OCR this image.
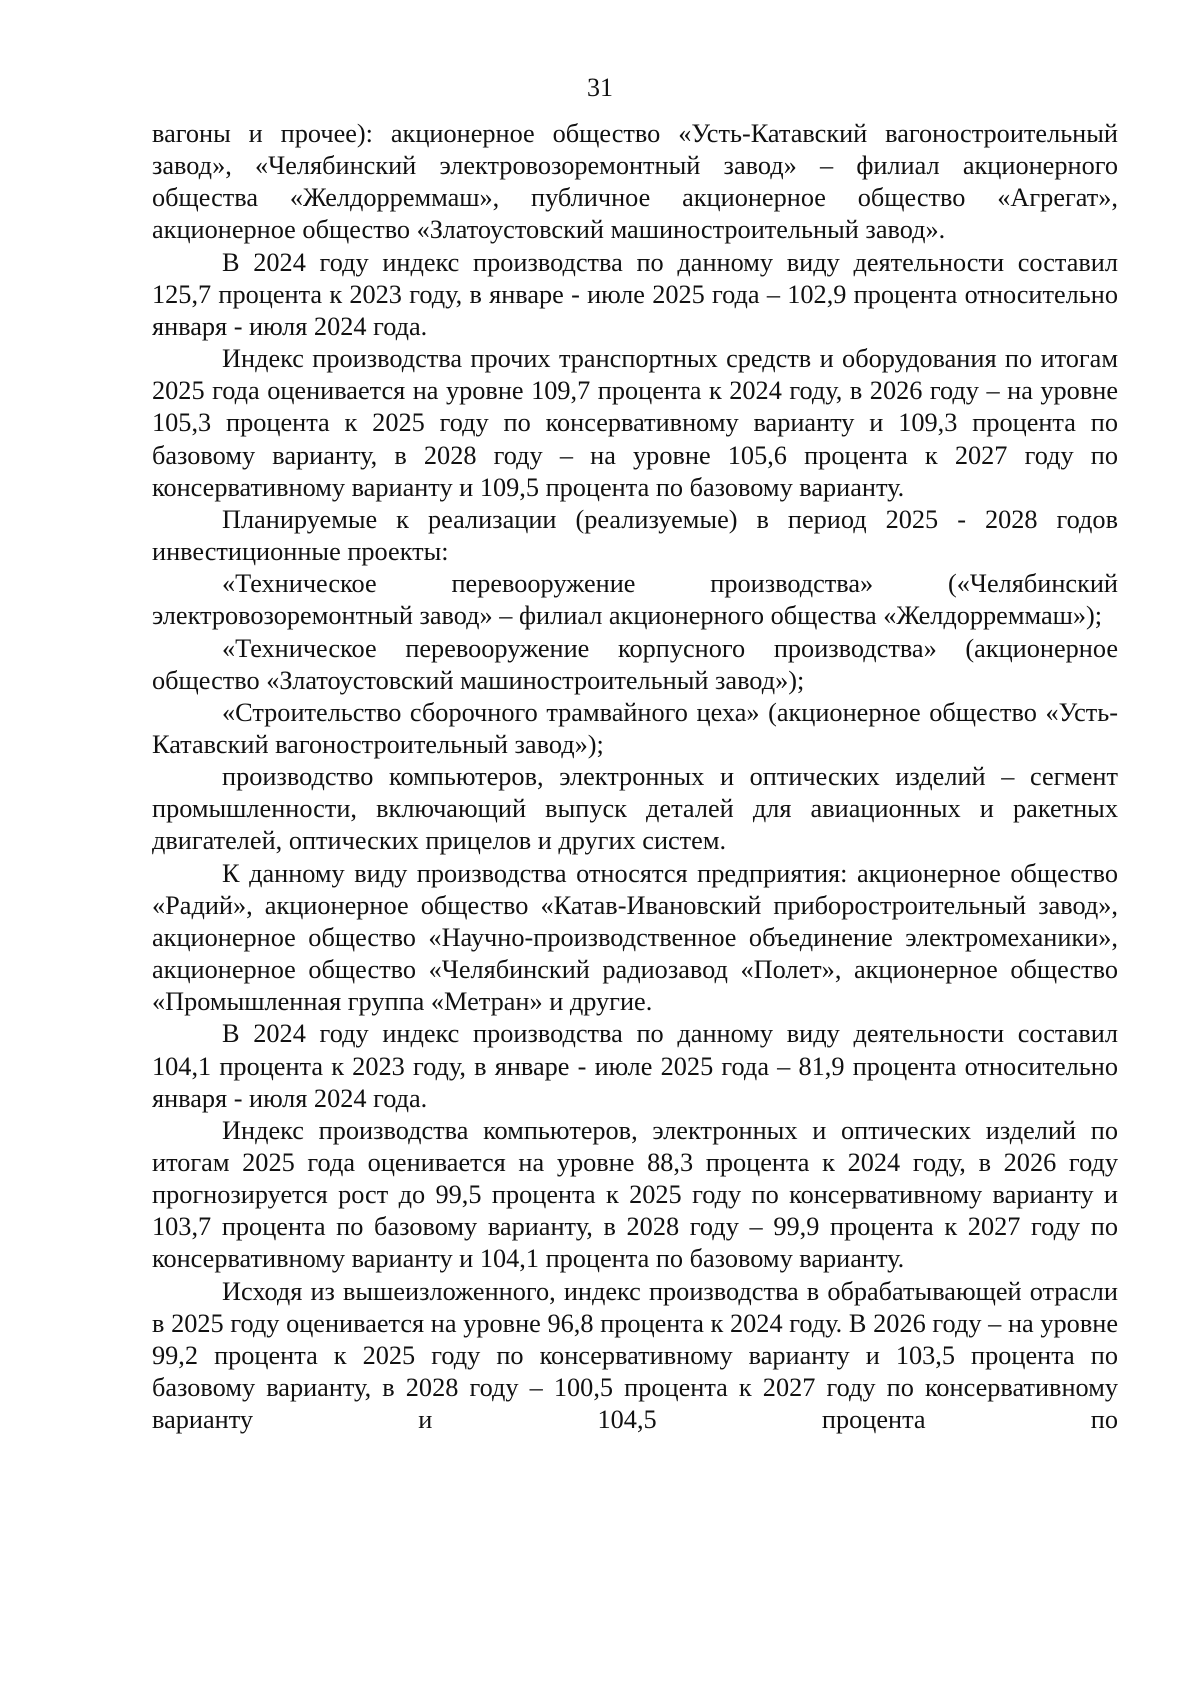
31

вагоны и прочее): акционерное общество «Усть-Катавский вагоностроительный завод», «Челябинский электровозоремонтный завод» – филиал акционерного общества «Желдорреммаш», публичное акционерное общество «Агрегат», акционерное общество «Златоустовский машиностроительный завод».

В 2024 году индекс производства по данному виду деятельности составил 125,7 процента к 2023 году, в январе - июле 2025 года – 102,9 процента относительно января - июля 2024 года.

Индекс производства прочих транспортных средств и оборудования по итогам 2025 года оценивается на уровне 109,7 процента к 2024 году, в 2026 году – на уровне 105,3 процента к 2025 году по консервативному варианту и 109,3 процента по базовому варианту, в 2028 году – на уровне 105,6 процента к 2027 году по консервативному варианту и 109,5 процента по базовому варианту.

Планируемые к реализации (реализуемые) в период 2025 - 2028 годов инвестиционные проекты:

«Техническое перевооружение производства» («Челябинский электровозоремонтный завод» – филиал акционерного общества «Желдорреммаш»);

«Техническое перевооружение корпусного производства» (акционерное общество «Златоустовский машиностроительный завод»);

«Строительство сборочного трамвайного цеха» (акционерное общество «Усть-Катавский вагоностроительный завод»);

производство компьютеров, электронных и оптических изделий – сегмент промышленности, включающий выпуск деталей для авиационных и ракетных двигателей, оптических прицелов и других систем.

К данному виду производства относятся предприятия: акционерное общество «Радий», акционерное общество «Катав-Ивановский приборостроительный завод», акционерное общество «Научно-производственное объединение электромеханики», акционерное общество «Челябинский радиозавод «Полет», акционерное общество «Промышленная группа «Метран» и другие.

В 2024 году индекс производства по данному виду деятельности составил 104,1 процента к 2023 году, в январе - июле 2025 года – 81,9 процента относительно января - июля 2024 года.

Индекс производства компьютеров, электронных и оптических изделий по итогам 2025 года оценивается на уровне 88,3 процента к 2024 году, в 2026 году прогнозируется рост до 99,5 процента к 2025 году по консервативному варианту и 103,7 процента по базовому варианту, в 2028 году – 99,9 процента к 2027 году по консервативному варианту и 104,1 процента по базовому варианту.

Исходя из вышеизложенного, индекс производства в обрабатывающей отрасли в 2025 году оценивается на уровне 96,8 процента к 2024 году. В 2026 году – на уровне 99,2 процента к 2025 году по консервативному варианту и 103,5 процента по базовому варианту, в 2028 году – 100,5 процента к 2027 году по консервативному варианту и 104,5 процента по
